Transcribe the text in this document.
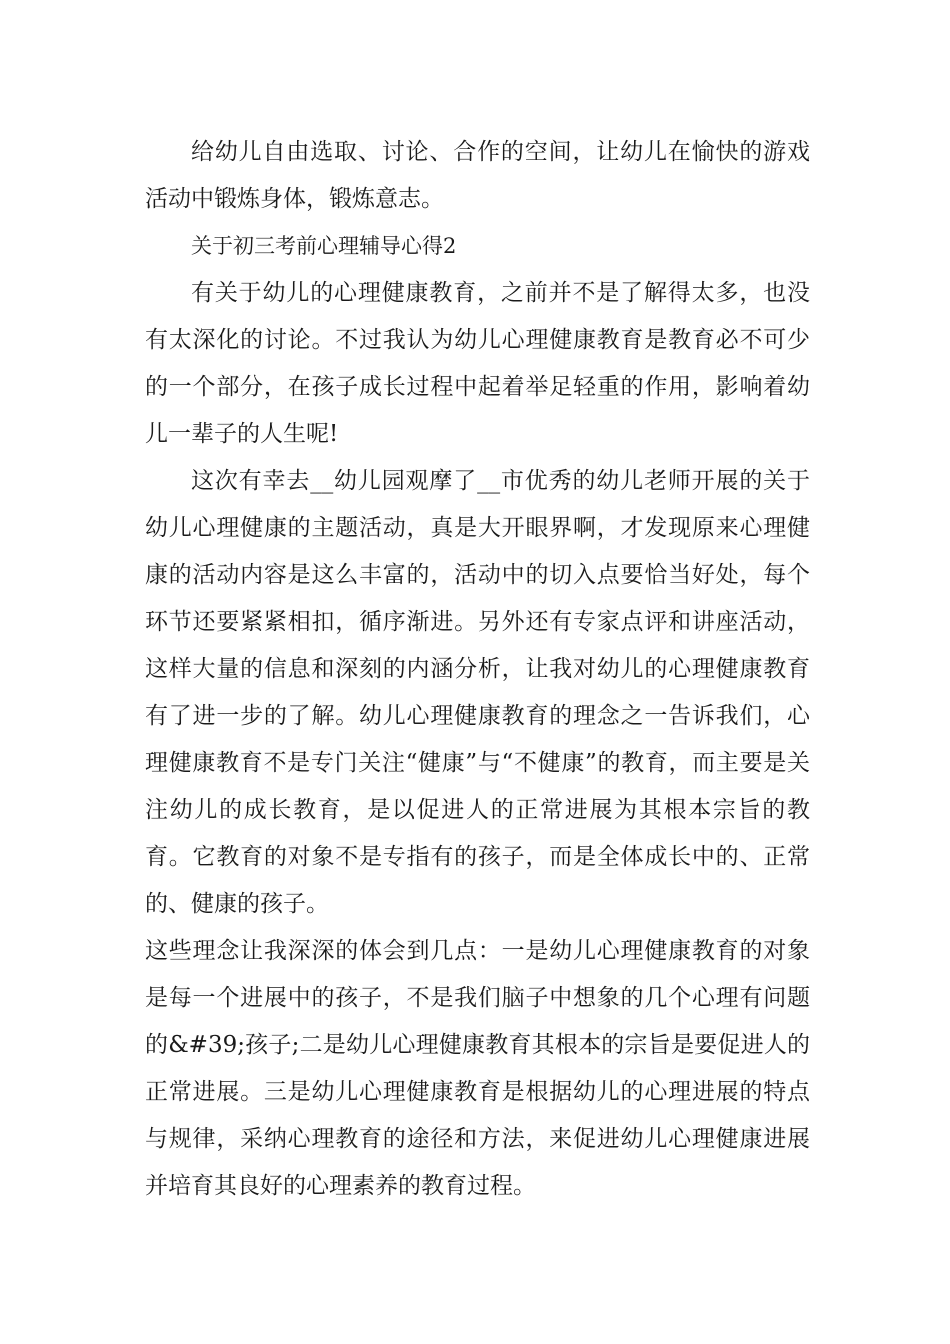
给幼儿自由选取、讨论、合作的空间，让幼儿在愉快的游戏活动中锻炼身体，锻炼意志。

关于初三考前心理辅导心得2

有关于幼儿的心理健康教育，之前并不是了解得太多，也没有太深化的讨论。不过我认为幼儿心理健康教育是教育必不可少的一个部分，在孩子成长过程中起着举足轻重的作用，影响着幼儿一辈子的人生呢!

这次有幸去__幼儿园观摩了__市优秀的幼儿老师开展的关于幼儿心理健康的主题活动，真是大开眼界啊，才发现原来心理健康的活动内容是这么丰富的，活动中的切入点要恰当好处，每个环节还要紧紧相扣，循序渐进。另外还有专家点评和讲座活动，这样大量的信息和深刻的内涵分析，让我对幼儿的心理健康教育有了进一步的了解。幼儿心理健康教育的理念之一告诉我们，心理健康教育不是专门关注“健康”与“不健康”的教育，而主要是关注幼儿的成长教育，是以促进人的正常进展为其根本宗旨的教育。它教育的对象不是专指有的孩子，而是全体成长中的、正常的、健康的孩子。

这些理念让我深深的体会到几点：一是幼儿心理健康教育的对象是每一个进展中的孩子，不是我们脑子中想象的几个心理有问题的&#39;孩子;二是幼儿心理健康教育其根本的宗旨是要促进人的正常进展。三是幼儿心理健康教育是根据幼儿的心理进展的特点与规律，采纳心理教育的途径和方法，来促进幼儿心理健康进展并培育其良好的心理素养的教育过程。
